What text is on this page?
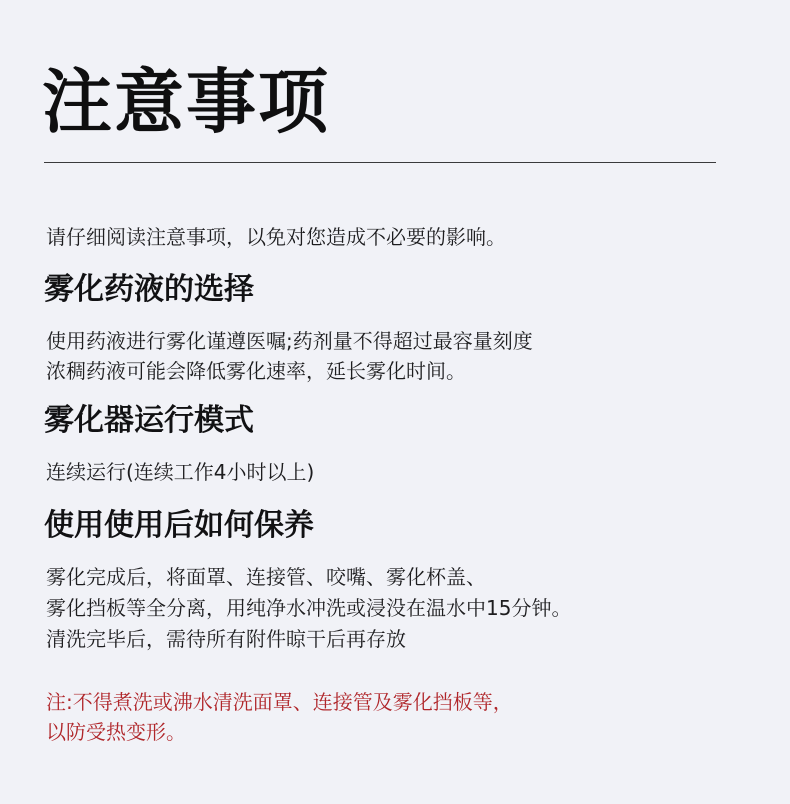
注意事项
请仔细阅读注意事项，以免对您造成不必要的影响。
雾化药液的选择
使用药液进行雾化谨遵医嘱;药剂量不得超过最容量刻度
浓稠药液可能会降低雾化速率，延长雾化时间。
雾化器运行模式
连续运行(连续工作4小时以上)
使用使用后如何保养
雾化完成后，将面罩、连接管、咬嘴、雾化杯盖、
雾化挡板等全分离，用纯净水冲洗或浸没在温水中15分钟。
清洗完毕后，需待所有附件晾干后再存放
注:不得煮洗或沸水清洗面罩、连接管及雾化挡板等，
以防受热变形。
